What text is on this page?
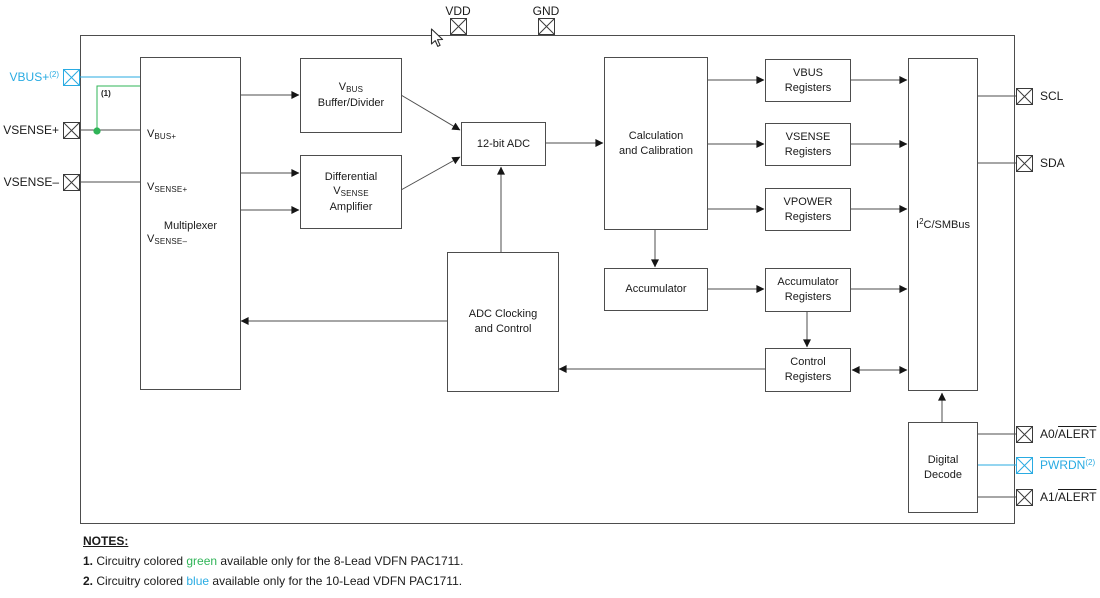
$V_{BUS+}$
$V_{SENSE+}$
$V_{SENSE-}$
Multiplexer
$V_{BUS}$
Buffer/Divider
Differential
$V_{SENSE}$
Amplifier
12-bit ADC
ADC Clocking
and Control
Calculation
and Calibration
Accumulator
VBUS
Registers
VSENSE
Registers
VPOWER
Registers
Accumulator
Registers
Control
Registers
$I^2C$/SMBus
Digital
Decode
VDD	GND
VBUS+$^{(2)}$
VSENSE+
VSENSE–
SCL
SDA
A0/ALERT
PWRDN$^{(2)}$
A1/ALERT
(1)
NOTES:
1. Circuitry colored green available only for the 8-Lead VDFN PAC1711.
2. Circuitry colored blue available only for the 10-Lead VDFN PAC1711.
